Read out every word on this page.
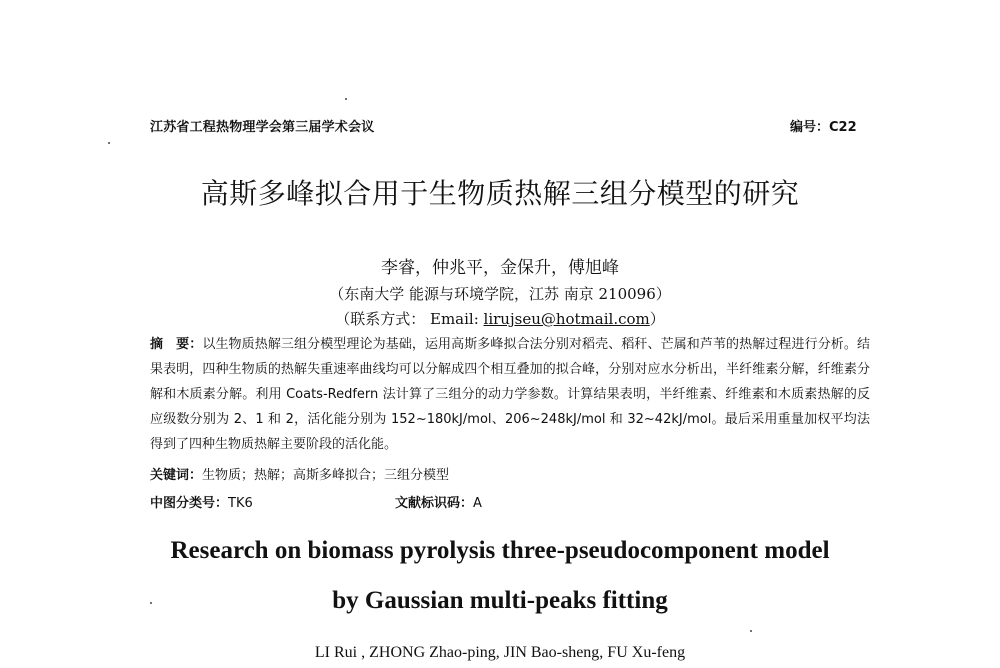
江苏省工程热物理学会第三届学术会议	编号：C22
高斯多峰拟合用于生物质热解三组分模型的研究
李睿，仲兆平，金保升，傅旭峰
（东南大学 能源与环境学院，江苏 南京 210096）
（联系方式： Email: lirujseu@hotmail.com）
摘　要：以生物质热解三组分模型理论为基础，运用高斯多峰拟合法分别对稻壳、稻秆、芒属和芦苇的热解过程进行分析。结果表明，四种生物质的热解失重速率曲线均可以分解成四个相互叠加的拟合峰，分别对应水分析出，半纤维素分解，纤维素分解和木质素分解。利用 Coats-Redfern 法计算了三组分的动力学参数。计算结果表明，半纤维素、纤维素和木质素热解的反应级数分别为 2、1 和 2，活化能分别为 152~180kJ/mol、206~248kJ/mol 和 32~42kJ/mol。最后采用重量加权平均法得到了四种生物质热解主要阶段的活化能。
关键词：生物质；热解；高斯多峰拟合；三组分模型
中图分类号：TK6	文献标识码：A
Research on biomass pyrolysis three-pseudocomponent model
by Gaussian multi-peaks fitting
LI Rui , ZHONG Zhao-ping, JIN Bao-sheng, FU Xu-feng
